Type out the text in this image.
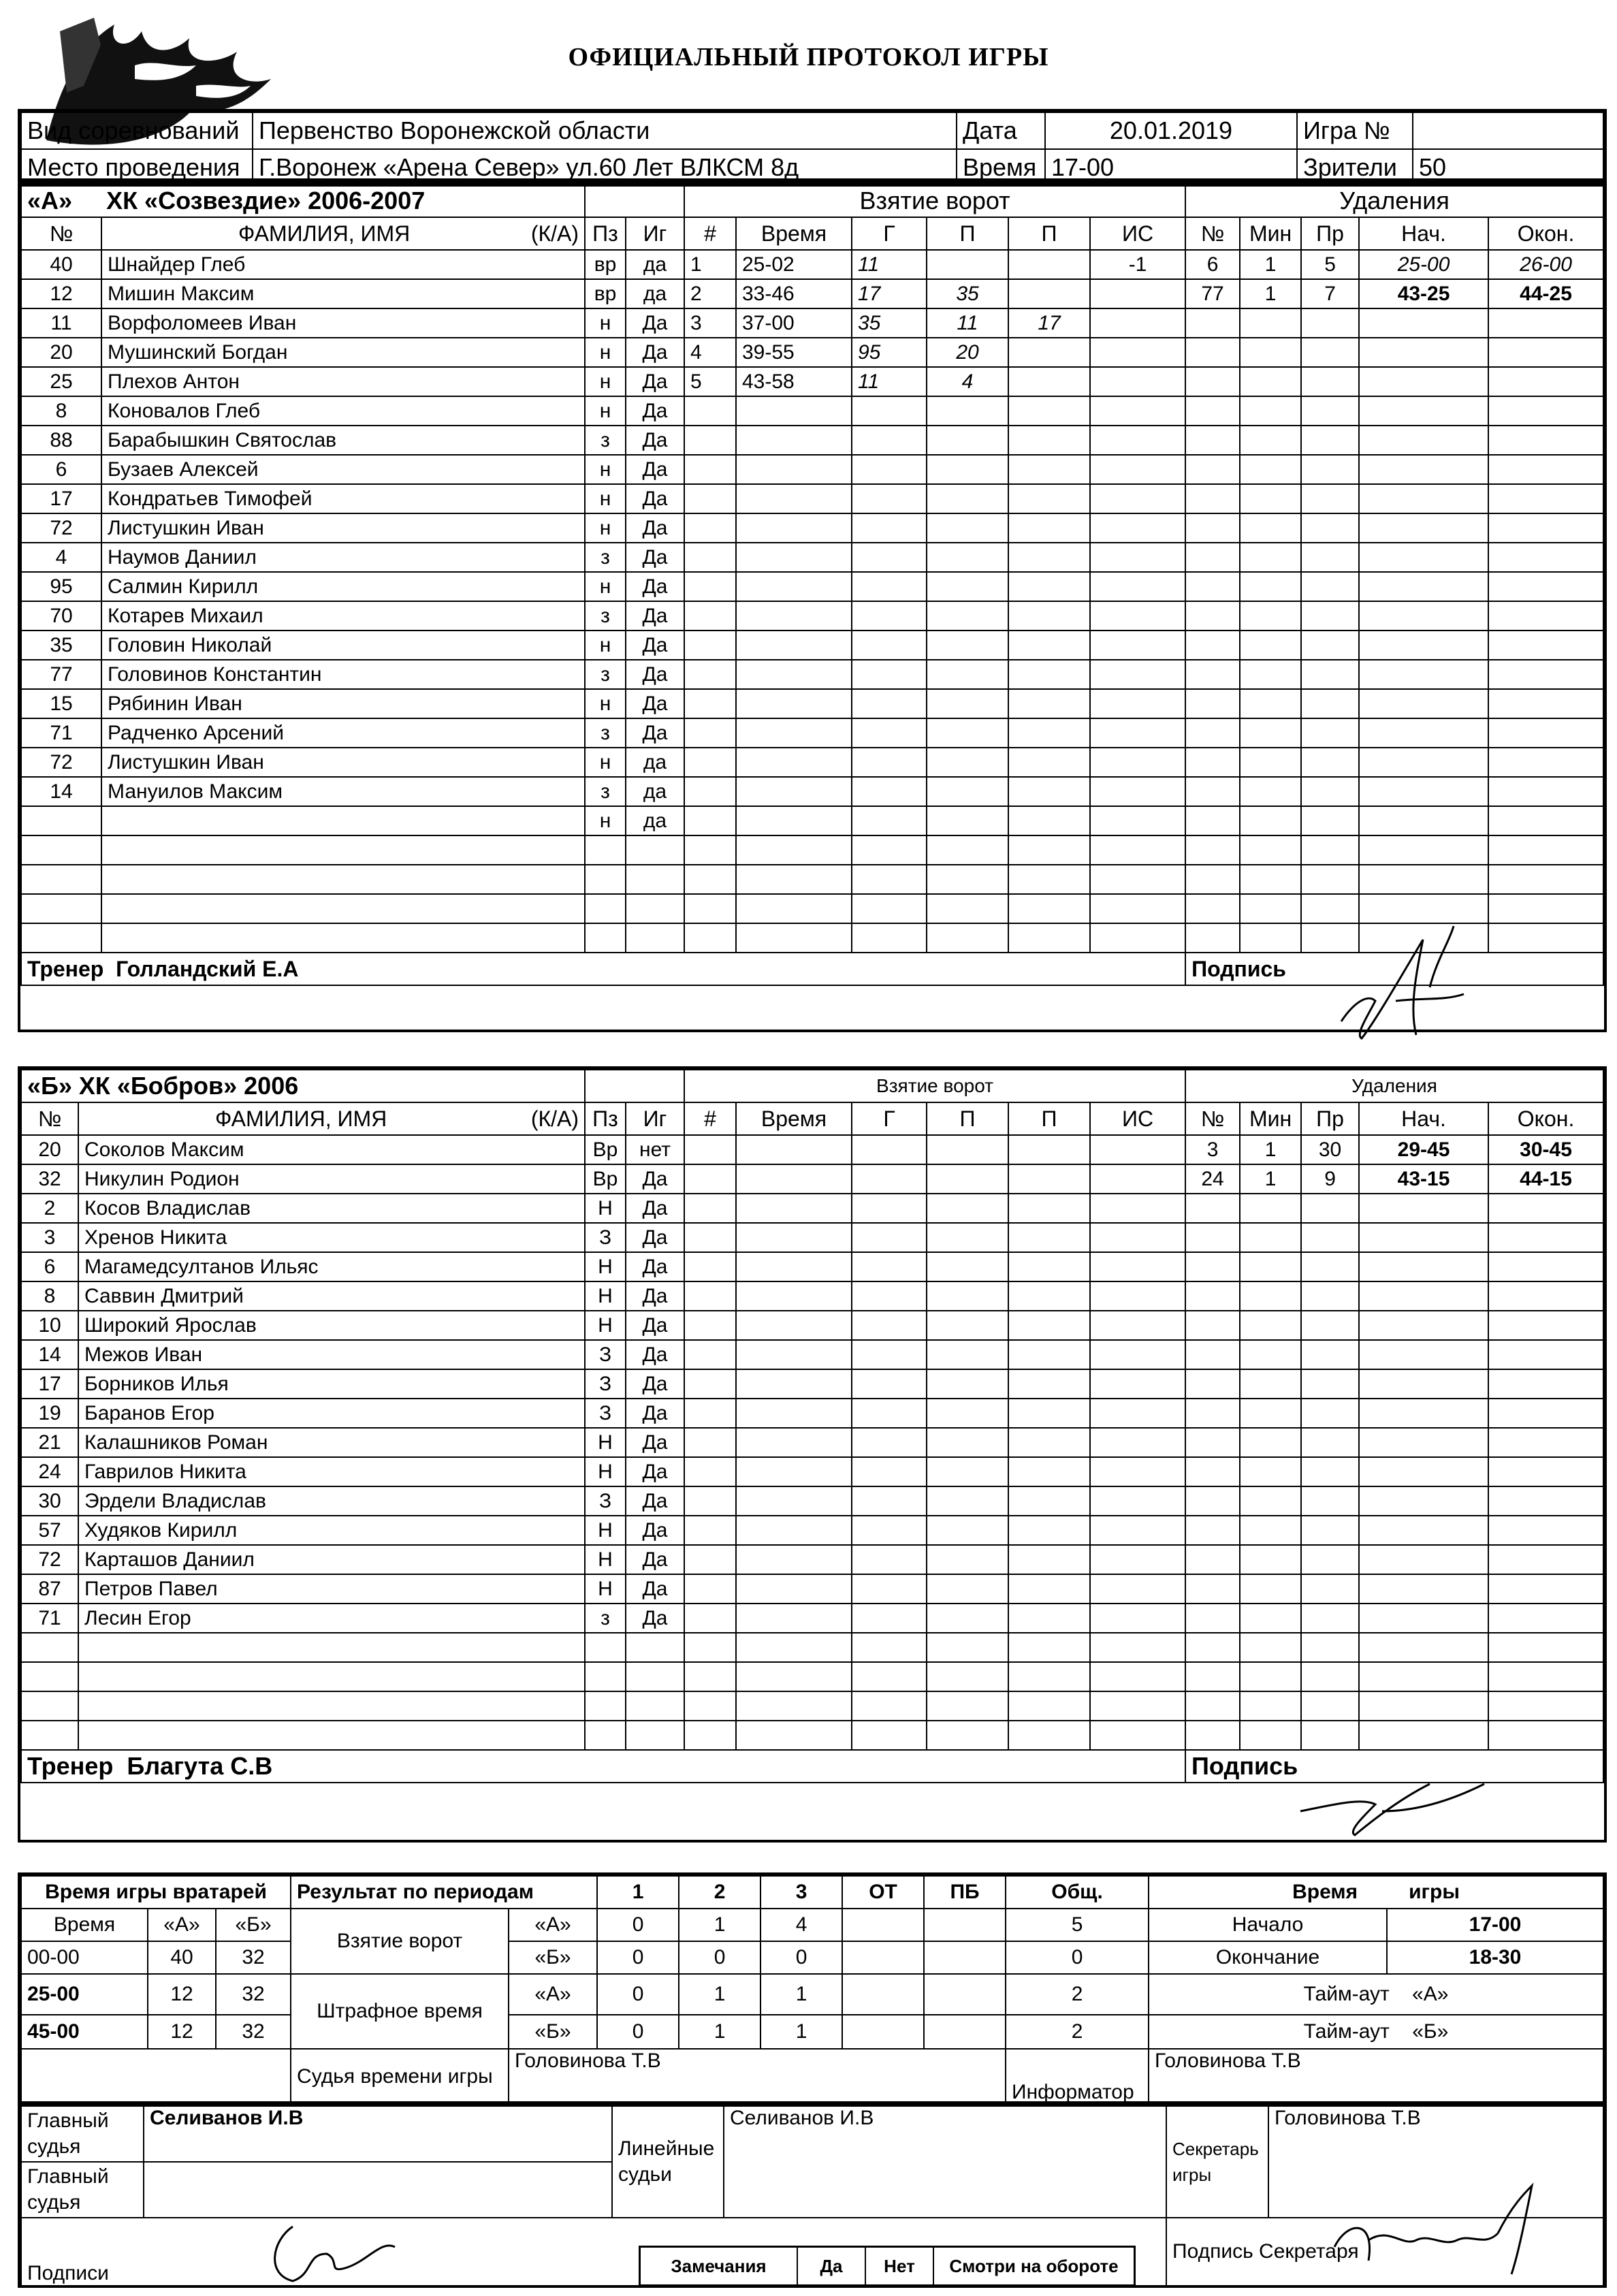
ОФИЦИАЛЬНЫЙ ПРОТОКОЛ ИГРЫ
Вид соревнований	Первенство Воронежской области	Дата	20.01.2019	Игра №	
Место проведения	Г.Воронеж «Арена Север» ул.60 Лет ВЛКСМ 8д	Время	17-00	Зрители	50
«А» ХК «Созвездие» 2006-2007				Взятие ворот						Удаления				
№	ФАМИЛИЯ, ИМЯ (К/А)	Пз	Иг	#	Время	Г	П	П	ИС	№	Мин	Пр	Нач.	Окон.
40	Шнайдер Глеб	вр	да	1	25-02	11			-1	6	1	5	25-00	26-00
12	Мишин Максим	вр	да	2	33-46	17	35			77	1	7	43-25	44-25
11	Ворфоломеев Иван	н	Да	3	37-00	35	11	17						
20	Мушинский Богдан	н	Да	4	39-55	95	20							
25	Плехов Антон	н	Да	5	43-58	11	4							
8	Коновалов Глеб	н	Да											
88	Барабышкин Святослав	з	Да											
6	Бузаев Алексей	н	Да											
17	Кондратьев Тимофей	н	Да											
72	Листушкин Иван	н	Да											
4	Наумов Даниил	з	Да											
95	Салмин Кирилл	н	Да											
70	Котарев Михаил	з	Да											
35	Головин Николай	н	Да											
77	Головинов Константин	з	Да											
15	Рябинин Иван	н	Да											
71	Радченко Арсений	з	Да											
72	Листушкин Иван	н	да											
14	Мануилов Максим	з	да											
		н	да											

Тренер Голландский Е.А										Подпись				
«Б» ХК «Бобров» 2006				Взятие ворот						Удаления				
№	ФАМИЛИЯ, ИМЯ (К/А)	Пз	Иг	#	Время	Г	П	П	ИС	№	Мин	Пр	Нач.	Окон.
20	Соколов Максим	Вр	нет							3	1	30	29-45	30-45
32	Никулин Родион	Вр	Да							24	1	9	43-15	44-15
2	Косов Владислав	Н	Да											
3	Хренов Никита	З	Да											
6	Магамедсултанов Ильяс	Н	Да											
8	Саввин Дмитрий	Н	Да											
10	Широкий Ярослав	Н	Да											
14	Межов Иван	З	Да											
17	Борников Илья	З	Да											
19	Баранов Егор	З	Да											
21	Калашников Роман	Н	Да											
24	Гаврилов Никита	Н	Да											
30	Эрдели Владислав	З	Да											
57	Худяков Кирилл	Н	Да											
72	Карташов Даниил	Н	Да											
87	Петров Павел	Н	Да											
71	Лесин Егор	з	Да											

Тренер Благута С.В										Подпись				
Время игры вратарей			Результат по периодам		1	2	3	ОТ	ПБ	Общ.	Время         игры	
Время	«А»	«Б»	Взятие ворот	«А»	0	1	4			5	Начало	17-00
00-00	40	32		«Б»	0	0	0			0	Окончание	18-30
25-00	12	32	Штрафное время	«А»	0	1	1			2	Тайм-аут «А»	
45-00	12	32		«Б»	0	1	1			2	Тайм-аут «Б»	
			Судья времени игры	Головинова Т.В						Информатор	Головинова Т.В	
Главный судья	Селиванов И.В	Линейные судьи	Селиванов И.В	Секретарь игры	Головинова Т.В
Главный судья					
Подписи				Подпись Секретаря	
Замечания	Да	Нет	Смотри на обороте
